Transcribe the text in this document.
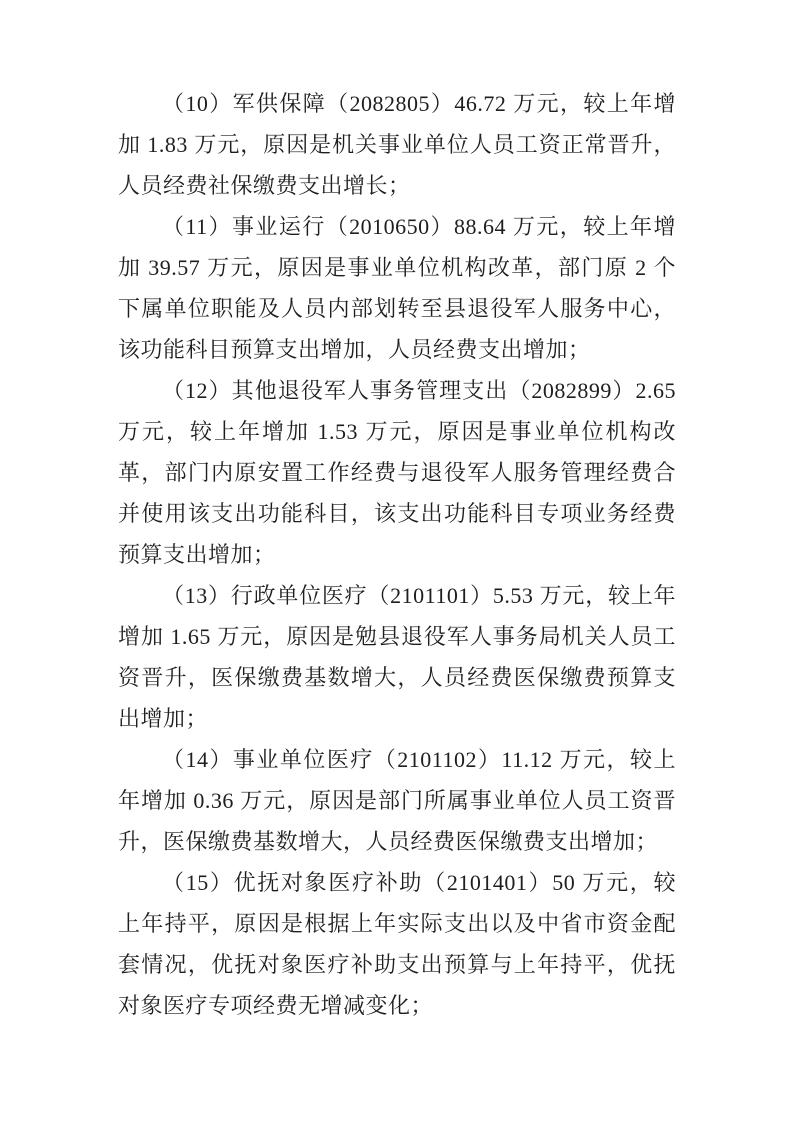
（10）军供保障（2082805）46.72 万元，较上年增加 1.83 万元，原因是机关事业单位人员工资正常晋升，人员经费社保缴费支出增长；

（11）事业运行（2010650）88.64 万元，较上年增加 39.57 万元，原因是事业单位机构改革，部门原 2 个下属单位职能及人员内部划转至县退役军人服务中心，该功能科目预算支出增加，人员经费支出增加；

（12）其他退役军人事务管理支出（2082899）2.65 万元，较上年增加 1.53 万元，原因是事业单位机构改革，部门内原安置工作经费与退役军人服务管理经费合并使用该支出功能科目，该支出功能科目专项业务经费预算支出增加；

（13）行政单位医疗（2101101）5.53 万元，较上年增加 1.65 万元，原因是勉县退役军人事务局机关人员工资晋升，医保缴费基数增大，人员经费医保缴费预算支出增加；

（14）事业单位医疗（2101102）11.12 万元，较上年增加 0.36 万元，原因是部门所属事业单位人员工资晋升，医保缴费基数增大，人员经费医保缴费支出增加；

（15）优抚对象医疗补助（2101401）50 万元，较上年持平，原因是根据上年实际支出以及中省市资金配套情况，优抚对象医疗补助支出预算与上年持平，优抚对象医疗专项经费无增减变化；
